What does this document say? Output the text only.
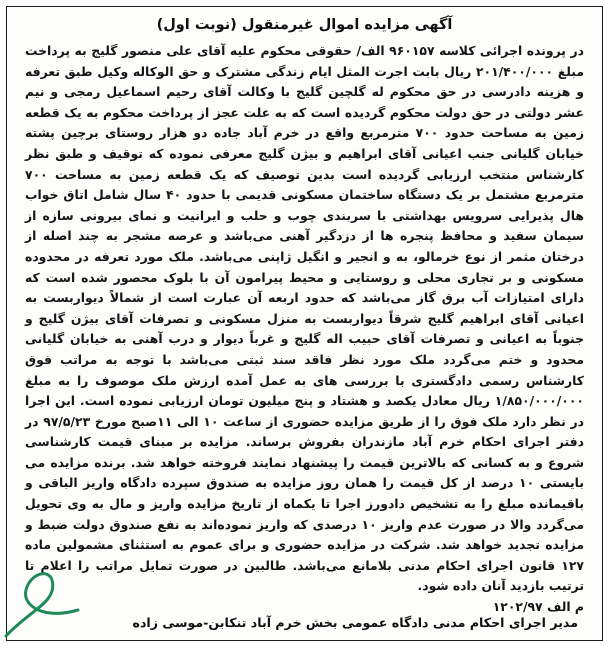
آگهی مزایده اموال غیرمنقول (نوبت اول)

در پرونده اجرائی کلاسه ۹۶۰۱۵۷ الف/ حقوقی محکوم علیه آقای علی منصور گلیج به پرداخت مبلغ ۲۰۱/۴۰۰/۰۰۰ ریال بابت اجرت المثل ایام زندگی مشترک و حق الوکاله وکیل طبق تعرفه و هزینه دادرسی در حق محکوم له گلچین گلیج با وکالت آقای رحیم اسماعیل رمجی و نیم عشر دولتی در حق دولت محکوم گردیده است که به علت عجز از پرداخت محکوم به یک قطعه زمین به مساحت حدود ۷۰۰ مترمربع واقع در خرم آباد جاده دو هزار روستای برچین پشته خیابان گلیانی جنب اعیانی آقای ابراهیم و بیژن گلیج معرفی نموده که توقیف و طبق نظر کارشناس منتخب ارزیابی گردیده است بدین توصیف که یک قطعه زمین به مساحت ۷۰۰ مترمربع مشتمل بر یک دستگاه ساختمان مسکونی قدیمی با حدود ۴۰ سال شامل اتاق خواب هال پذیرایی سرویس بهداشتی با سربندی چوب و حلب و ایرانیت و نمای بیرونی سازه از سیمان سفید و محافظ پنجره ها از دزدگیر آهنی می‌باشد و عرصه مشجر به چند اصله از درختان مثمر از نوع خرمالو، به و انجیر و انگیل ژاپنی می‌باشد. ملک مورد تعرفه در محدوده مسکونی و بر تجاری محلی و روستایی و محیط پیرامون آن با بلوک محصور شده است که دارای امتیازات آب برق گاز می‌باشد که حدود اربعه آن عبارت است از شمالاً دیواربست به اعیانی آقای ابراهیم گلیج شرقاً دیواربست به منزل مسکونی و تصرفات آقای بیژن گلیج و جنوباً به اعیانی و تصرفات آقای حبیب اله گلیج و غرباً دیوار و درب آهنی به خیابان گلیانی محدود و ختم می‌گردد ملک مورد نظر فاقد سند ثبتی می‌باشد با توجه به مراتب فوق کارشناس رسمی دادگستری با بررسی های به عمل آمده ارزش ملک موصوف را به مبلغ ۱/۸۵۰/۰۰۰/۰۰۰ ریال معادل یکصد و هشتاد و پنج میلیون تومان ارزیابی نموده است. این اجرا در نظر دارد ملک فوق را از طریق مزایده حضوری از ساعت ۱۰ الی ۱۱صبح مورخ ۹۷/۵/۲۳ در دفتر اجرای احکام خرم آباد مازندران بفروش برساند. مزایده بر مبنای قیمت کارشناسی شروع و به کسانی که بالاترین قیمت را پیشنهاد نمایند فروخته خواهد شد. برنده مزایده می بایستی ۱۰ درصد از کل قیمت را همان روز مزایده به صندوق سپرده دادگاه واریز الباقی و باقیمانده مبلغ را به تشخیص دادورز اجرا تا یکماه از تاریخ مزایده واریز و مال به وی تحویل می‌گردد والا در صورت عدم واریز ۱۰ درصدی که واریز نموده‌اند به نفع صندوق دولت ضبط و مزایده تجدید خواهد شد. شرکت در مزایده حضوری و برای عموم به استثنای مشمولین ماده ۱۲۷ قانون اجرای احکام مدنی بلامانع می‌باشد. طالبین در صورت تمایل مراتب را اعلام تا ترتیب بازدید آنان داده شود.

م الف ۱۲۰۲/۹۷

مدیر اجرای احکام مدنی دادگاه عمومی بخش خرم آباد تنکابن-موسی زاده
